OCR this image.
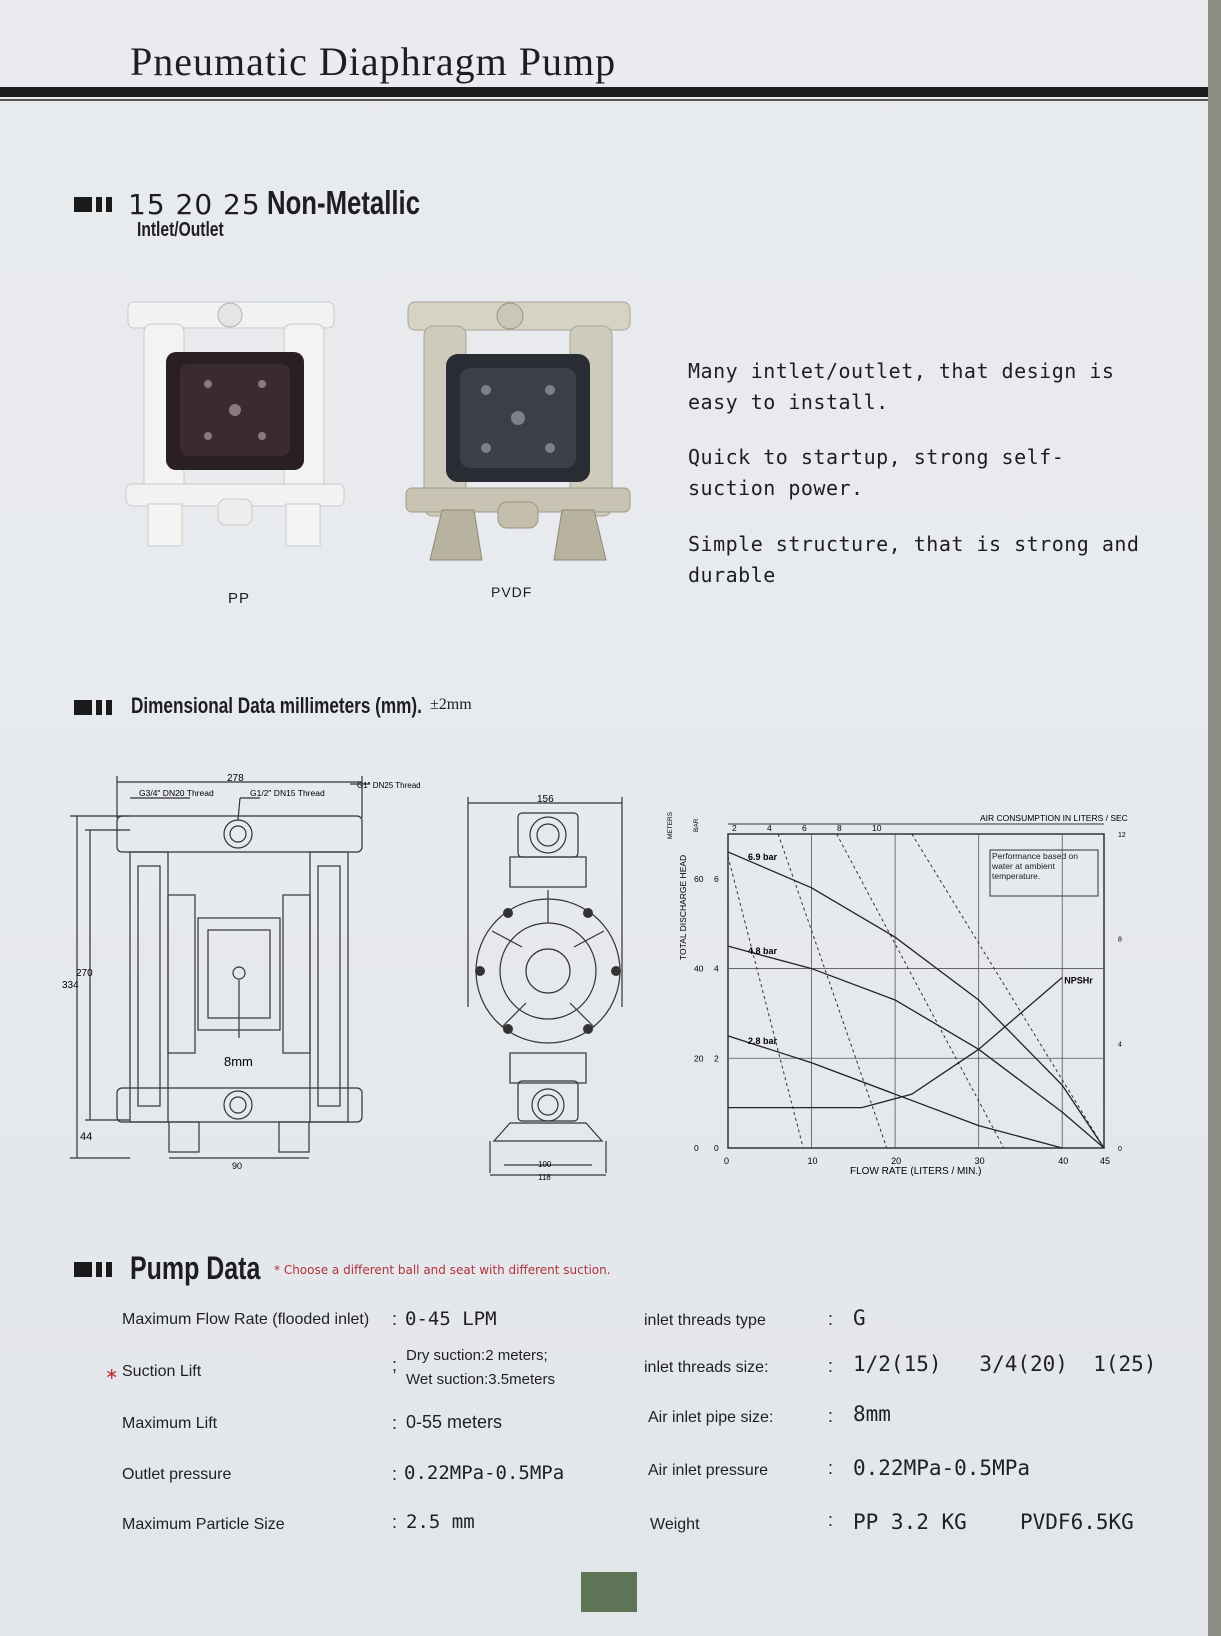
Pneumatic Diaphragm Pump
15 20 25 Non-Metallic
Intlet/Outlet
PP	PVDF
Many intlet/outlet, that design is easy to install.
Quick to startup, strong self-suction power.
Simple structure, that is strong and durable
Dimensional Data millimeters (mm). ±2mm
278
G3/4" DN20 Thread	G1/2" DN15 Thread
G1" DN25 Thread
270
334
44
90
8mm
156
100
118
METERS	BAR
TOTAL DISCHARGE HEAD
FLOW RATE (LITERS / MIN.)
AIR CONSUMPTION IN LITERS / SEC
Performance based on water at ambient temperature.
0	10	20	30	40	45
0
20
40
60
0
2
4
6
2	4	6	8	10
0
4
8
12
6.9 bar
4.8 bar
2.8 bar
NPSHr
Pump Data * Choose a different ball and seat with different suction.
Maximum Flow Rate (flooded inlet) : 0-45 LPM
∗ Suction Lift	; Dry suction:2 meters;
Wet suction:3.5meters
Maximum Lift	: 0-55 meters
Outlet pressure	: 0.22MPa-0.5MPa
Maximum Particle Size	: 2.5 mm
inlet threads type	: G
inlet threads size:	: 1/2(15)   3/4(20)  1(25)
Air inlet pipe size:	: 8mm
Air inlet pressure	: 0.22MPa-0.5MPa
Weight	: PP 3.2 KG	PVDF6.5KG
